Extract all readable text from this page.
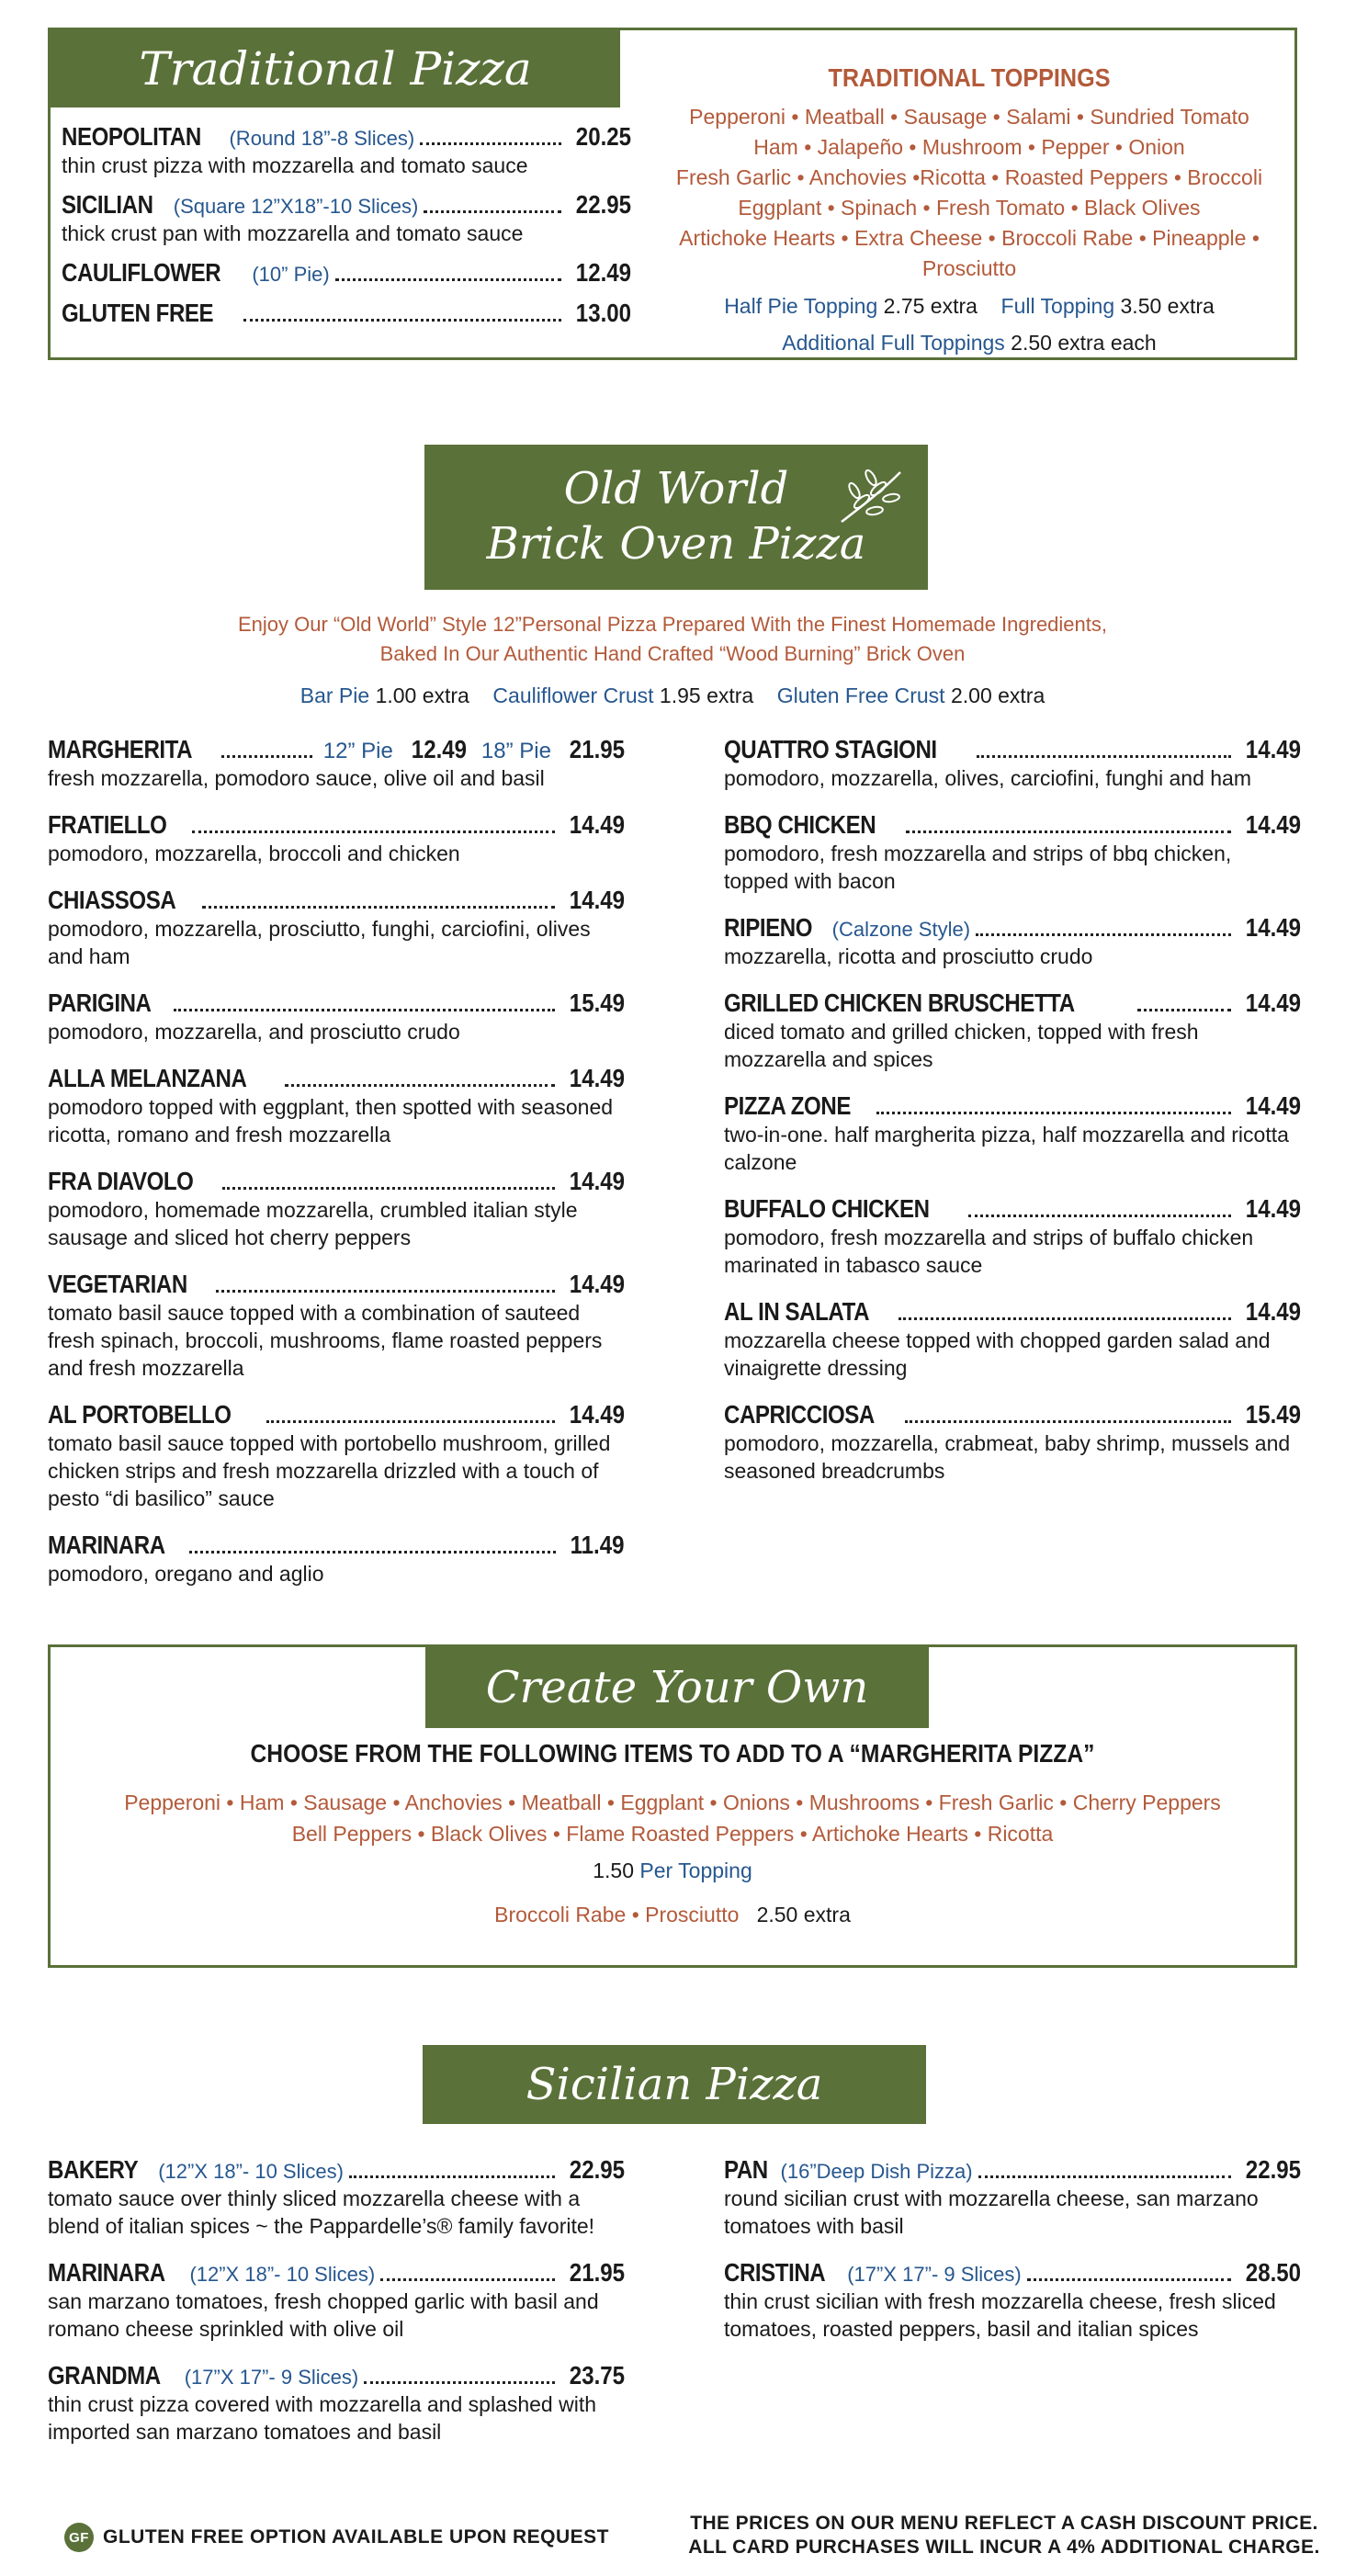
Traditional Pizza
NEOPOLITAN (Round 18”-8 Slices)	20.25
thin crust pizza with mozzarella and tomato sauce
SICILIAN (Square 12”X18”-10 Slices)	22.95
thick crust pan with mozzarella and tomato sauce
CAULIFLOWER (10” Pie)	12.49
GLUTEN FREE	13.00
TRADITIONAL TOPPINGS
Pepperoni • Meatball • Sausage • Salami • Sundried Tomato
Ham • Jalapeño • Mushroom • Pepper • Onion
Fresh Garlic • Anchovies •Ricotta • Roasted Peppers • Broccoli
Eggplant • Spinach • Fresh Tomato • Black Olives
Artichoke Hearts • Extra Cheese • Broccoli Rabe • Pineapple • Prosciutto
Half Pie Topping 2.75 extra Full Topping 3.50 extra
Additional Full Toppings 2.50 extra each
Old World
Brick Oven Pizza
Enjoy Our “Old World” Style 12”Personal Pizza Prepared With the Finest Homemade Ingredients,
Baked In Our Authentic Hand Crafted “Wood Burning” Brick Oven
Bar Pie 1.00 extra Cauliflower Crust 1.95 extra Gluten Free Crust 2.00 extra
MARGHERITA	12” Pie 12.49 18” Pie 21.95
fresh mozzarella, pomodoro sauce, olive oil and basil
FRATIELLO	14.49
pomodoro, mozzarella, broccoli and chicken
CHIASSOSA	14.49
pomodoro, mozzarella, prosciutto, funghi, carciofini, olives and ham
PARIGINA	15.49
pomodoro, mozzarella, and prosciutto crudo
ALLA MELANZANA	14.49
pomodoro topped with eggplant, then spotted with seasoned ricotta, romano and fresh mozzarella
FRA DIAVOLO	14.49
pomodoro, homemade mozzarella, crumbled italian style sausage and sliced hot cherry peppers
VEGETARIAN	14.49
tomato basil sauce topped with a combination of sauteed fresh spinach, broccoli, mushrooms, flame roasted peppers and fresh mozzarella
AL PORTOBELLO	14.49
tomato basil sauce topped with portobello mushroom, grilled chicken strips and fresh mozzarella drizzled with a touch of pesto “di basilico” sauce
MARINARA	11.49
pomodoro, oregano and aglio
QUATTRO STAGIONI	14.49
pomodoro, mozzarella, olives, carciofini, funghi and ham
BBQ CHICKEN	14.49
pomodoro, fresh mozzarella and strips of bbq chicken, topped with bacon
RIPIENO (Calzone Style)	14.49
mozzarella, ricotta and prosciutto crudo
GRILLED CHICKEN BRUSCHETTA	14.49
diced tomato and grilled chicken, topped with fresh mozzarella and spices
PIZZA ZONE	14.49
two-in-one. half margherita pizza, half mozzarella and ricotta calzone
BUFFALO CHICKEN	14.49
pomodoro, fresh mozzarella and strips of buffalo chicken marinated in tabasco sauce
AL IN SALATA	14.49
mozzarella cheese topped with chopped garden salad and vinaigrette dressing
CAPRICCIOSA	15.49
pomodoro, mozzarella, crabmeat, baby shrimp, mussels and seasoned breadcrumbs
Create Your Own
CHOOSE FROM THE FOLLOWING ITEMS TO ADD TO A “MARGHERITA PIZZA”
Pepperoni • Ham • Sausage • Anchovies • Meatball • Eggplant • Onions • Mushrooms • Fresh Garlic • Cherry Peppers
Bell Peppers • Black Olives • Flame Roasted Peppers • Artichoke Hearts • Ricotta
1.50 Per Topping
Broccoli Rabe • Prosciutto 2.50 extra
Sicilian Pizza
BAKERY (12”X 18”- 10 Slices)	22.95
tomato sauce over thinly sliced mozzarella cheese with a blend of italian spices ~ the Pappardelle’s® family favorite!
MARINARA (12”X 18”- 10 Slices)	21.95
san marzano tomatoes, fresh chopped garlic with basil and romano cheese sprinkled with olive oil
GRANDMA (17”X 17”- 9 Slices)	23.75
thin crust pizza covered with mozzarella and splashed with imported san marzano tomatoes and basil
PAN (16”Deep Dish Pizza)	22.95
round sicilian crust with mozzarella cheese, san marzano tomatoes with basil
CRISTINA (17”X 17”- 9 Slices)	28.50
thin crust sicilian with fresh mozzarella cheese, fresh sliced tomatoes, roasted peppers, basil and italian spices
GF GLUTEN FREE OPTION AVAILABLE UPON REQUEST
THE PRICES ON OUR MENU REFLECT A CASH DISCOUNT PRICE.
ALL CARD PURCHASES WILL INCUR A 4% ADDITIONAL CHARGE.
